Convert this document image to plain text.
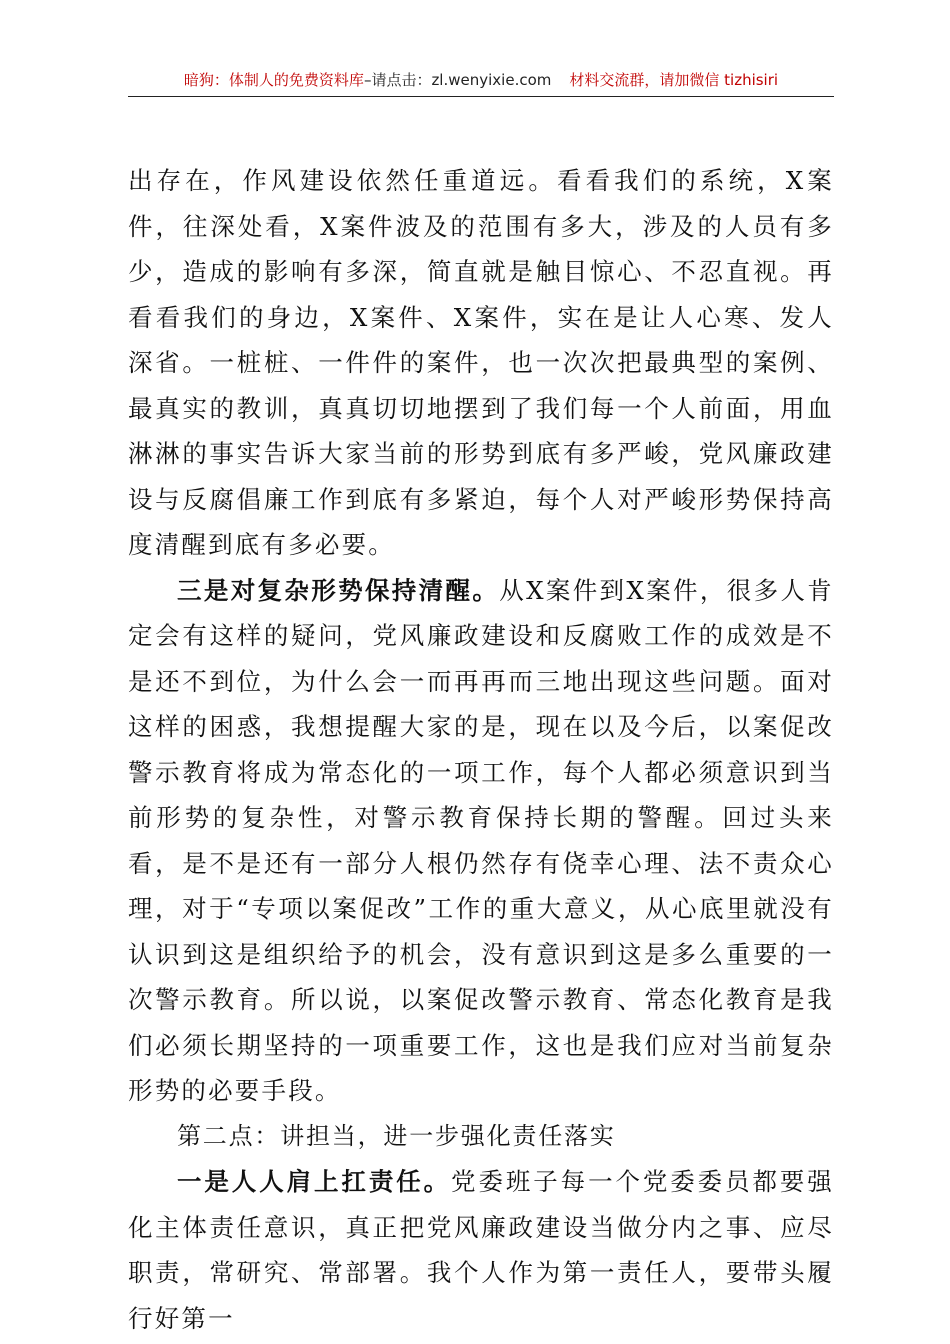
暗狗：体制人的免费资料库–请点击：zl.wenyixie.com 材料交流群，请加微信 tizhisiri

出存在，作风建设依然任重道远。看看我们的系统，X案件，往深处看，X案件波及的范围有多大，涉及的人员有多少，造成的影响有多深，简直就是触目惊心、不忍直视。再看看我们的身边，X案件、X案件，实在是让人心寒、发人深省。一桩桩、一件件的案件，也一次次把最典型的案例、最真实的教训，真真切切地摆到了我们每一个人前面，用血淋淋的事实告诉大家当前的形势到底有多严峻，党风廉政建设与反腐倡廉工作到底有多紧迫，每个人对严峻形势保持高度清醒到底有多必要。

三是对复杂形势保持清醒。从X案件到X案件，很多人肯定会有这样的疑问，党风廉政建设和反腐败工作的成效是不是还不到位，为什么会一而再再而三地出现这些问题。面对这样的困惑，我想提醒大家的是，现在以及今后，以案促改警示教育将成为常态化的一项工作，每个人都必须意识到当前形势的复杂性，对警示教育保持长期的警醒。回过头来看，是不是还有一部分人根仍然存有侥幸心理、法不责众心理，对于“专项以案促改”工作的重大意义，从心底里就没有认识到这是组织给予的机会，没有意识到这是多么重要的一次警示教育。所以说，以案促改警示教育、常态化教育是我们必须长期坚持的一项重要工作，这也是我们应对当前复杂形势的必要手段。

第二点：讲担当，进一步强化责任落实

一是人人肩上扛责任。党委班子每一个党委委员都要强化主体责任意识，真正把党风廉政建设当做分内之事、应尽职责，常研究、常部署。我个人作为第一责任人，要带头履行好第一
